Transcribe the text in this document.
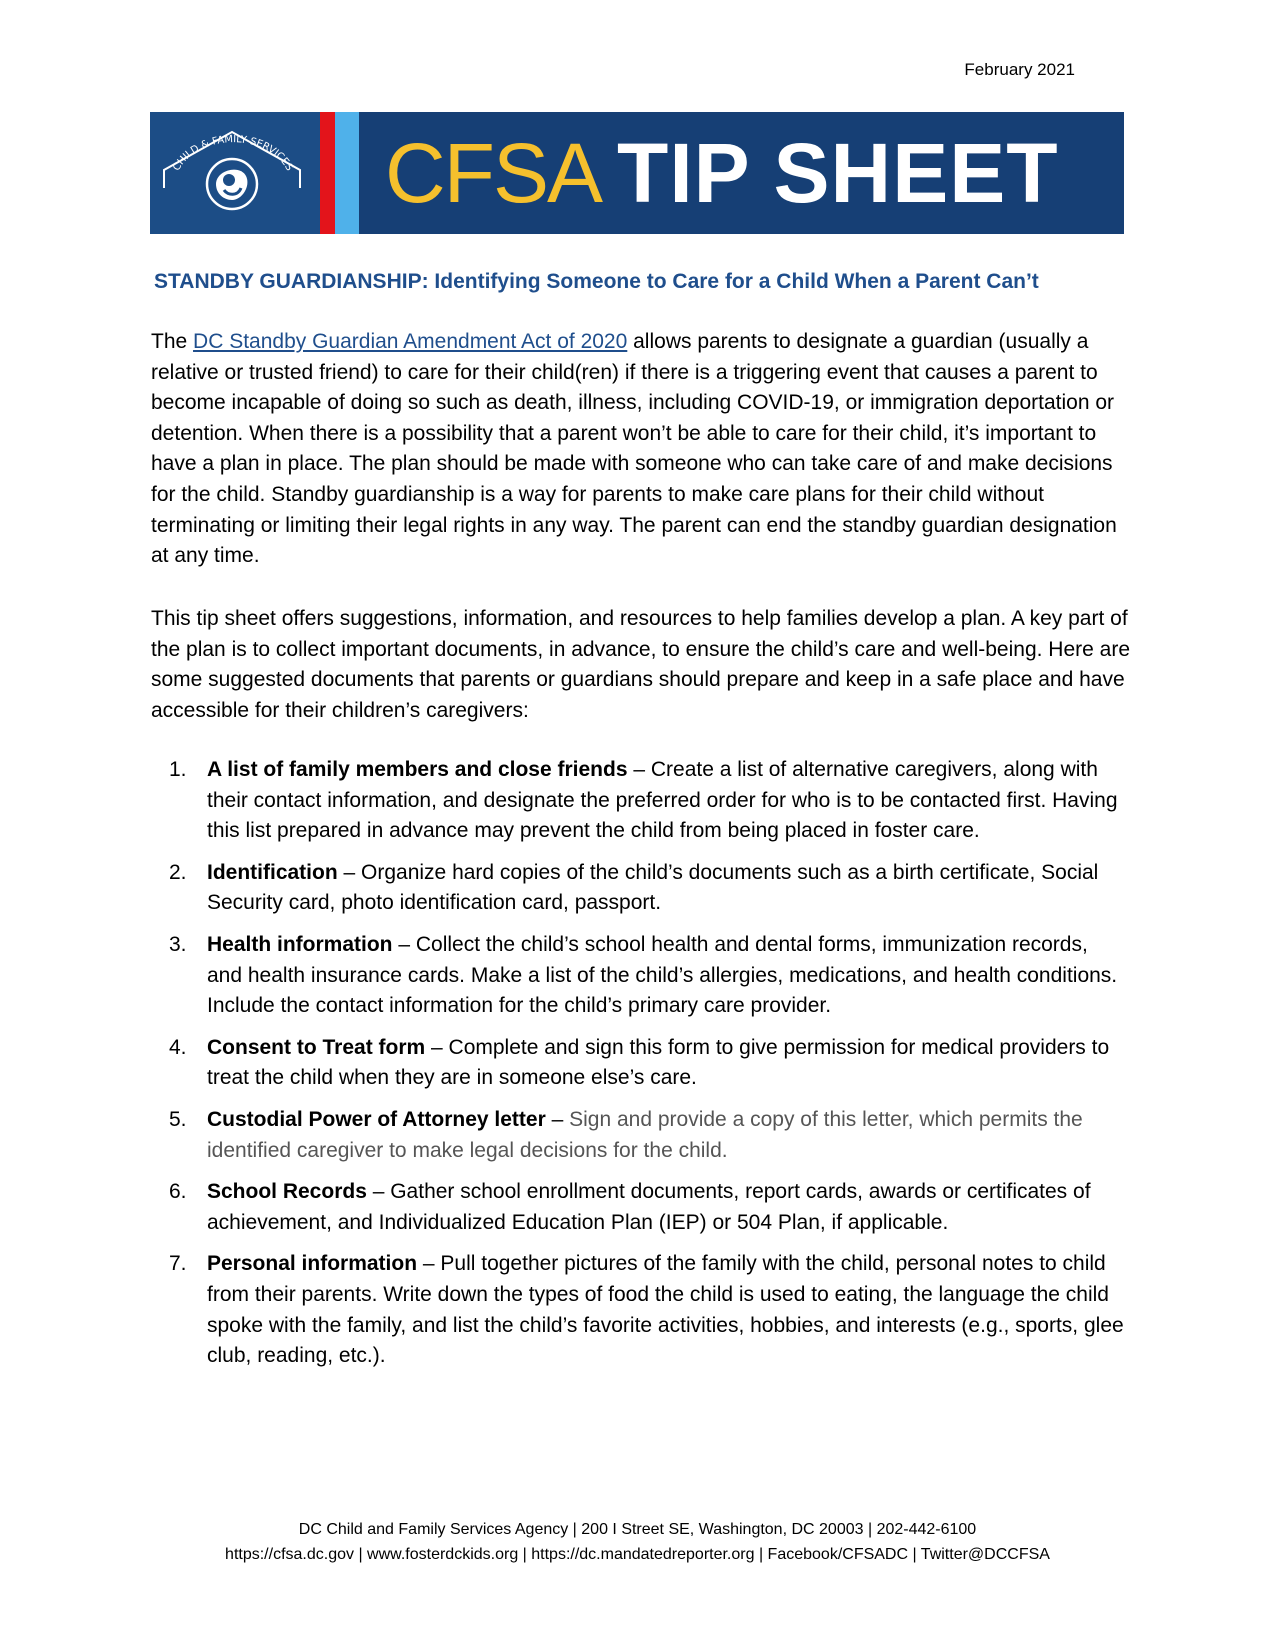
February 2021
CHILD & FAMILY SERVICES CFSA TIP SHEET
STANDBY GUARDIANSHIP: Identifying Someone to Care for a Child When a Parent Can’t

The DC Standby Guardian Amendment Act of 2020 allows parents to designate a guardian (usually a relative or trusted friend) to care for their child(ren) if there is a triggering event that causes a parent to become incapable of doing so such as death, illness, including COVID-19, or immigration deportation or detention. When there is a possibility that a parent won’t be able to care for their child, it’s important to have a plan in place. The plan should be made with someone who can take care of and make decisions for the child. Standby guardianship is a way for parents to make care plans for their child without terminating or limiting their legal rights in any way. The parent can end the standby guardian designation at any time.

This tip sheet offers suggestions, information, and resources to help families develop a plan. A key part of the plan is to collect important documents, in advance, to ensure the child’s care and well-being. Here are some suggested documents that parents or guardians should prepare and keep in a safe place and have accessible for their children’s caregivers:

1. A list of family members and close friends – Create a list of alternative caregivers, along with their contact information, and designate the preferred order for who is to be contacted first. Having this list prepared in advance may prevent the child from being placed in foster care.
2. Identification – Organize hard copies of the child’s documents such as a birth certificate, Social Security card, photo identification card, passport.
3. Health information – Collect the child’s school health and dental forms, immunization records, and health insurance cards. Make a list of the child’s allergies, medications, and health conditions. Include the contact information for the child’s primary care provider.
4. Consent to Treat form – Complete and sign this form to give permission for medical providers to treat the child when they are in someone else’s care.
5. Custodial Power of Attorney letter – Sign and provide a copy of this letter, which permits the identified caregiver to make legal decisions for the child.
6. School Records – Gather school enrollment documents, report cards, awards or certificates of achievement, and Individualized Education Plan (IEP) or 504 Plan, if applicable.
7. Personal information – Pull together pictures of the family with the child, personal notes to child from their parents. Write down the types of food the child is used to eating, the language the child spoke with the family, and list the child’s favorite activities, hobbies, and interests (e.g., sports, glee club, reading, etc.).
DC Child and Family Services Agency | 200 I Street SE, Washington, DC 20003 | 202-442-6100
https://cfsa.dc.gov | www.fosterdckids.org | https://dc.mandatedreporter.org | Facebook/CFSADC | Twitter@DCCFSA
